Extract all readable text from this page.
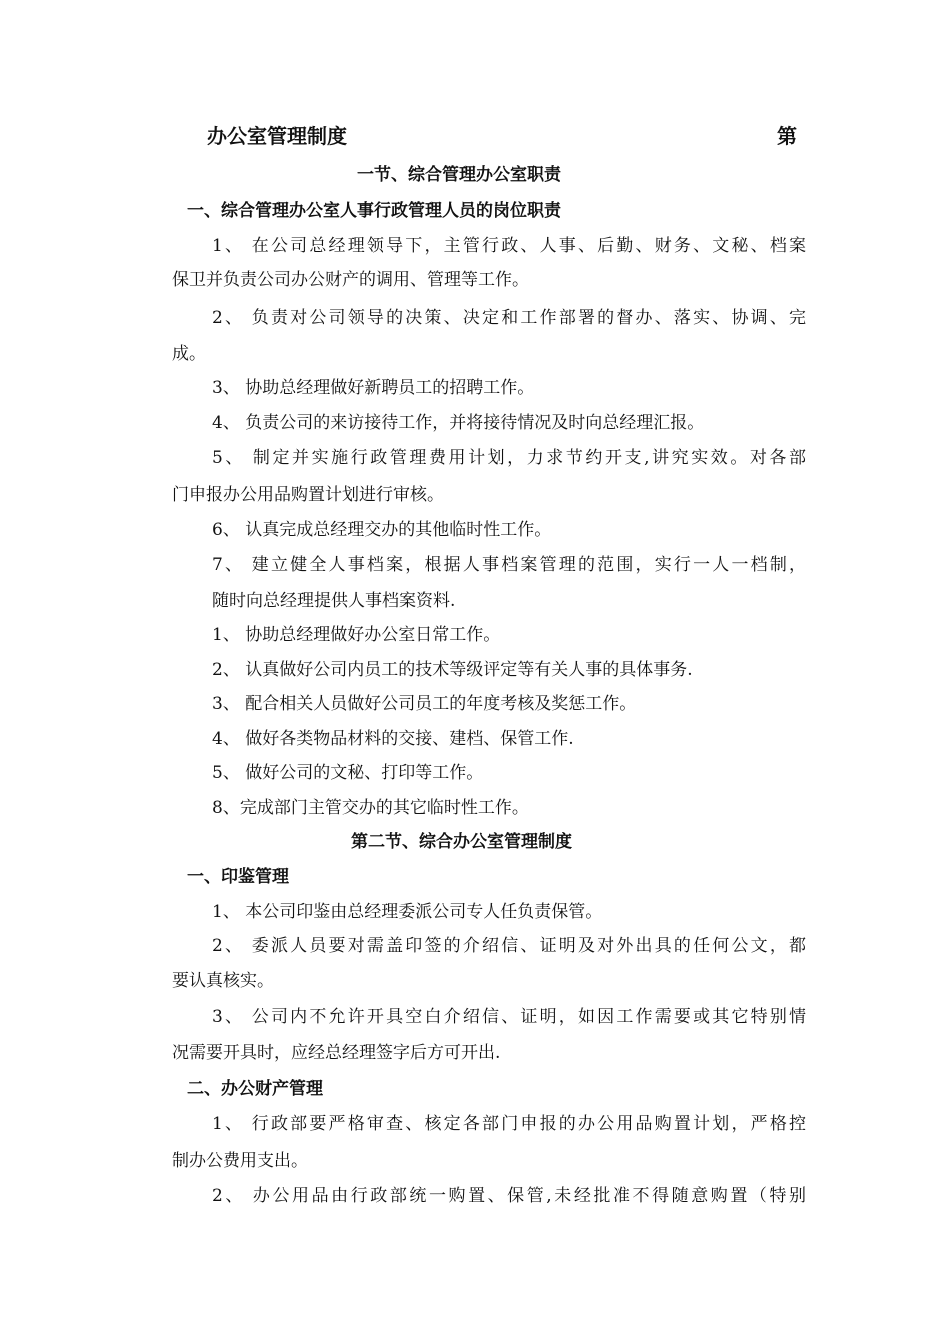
办公室管理制度	第
一节、综合管理办公室职责
一、综合管理办公室人事行政管理人员的岗位职责
1、 在公司总经理领导下，主管行政、人事、后勤、财务、文秘、档案
保卫并负责公司办公财产的调用、管理等工作。
2、 负责对公司领导的决策、决定和工作部署的督办、落实、协调、完
成。
3、 协助总经理做好新聘员工的招聘工作。
4、 负责公司的来访接待工作，并将接待情况及时向总经理汇报。
5、 制定并实施行政管理费用计划，力求节约开支,讲究实效。对各部
门申报办公用品购置计划进行审核。
6、 认真完成总经理交办的其他临时性工作。
7、 建立健全人事档案，根据人事档案管理的范围，实行一人一档制，
随时向总经理提供人事档案资料.
1、 协助总经理做好办公室日常工作。
2、 认真做好公司内员工的技术等级评定等有关人事的具体事务.
3、 配合相关人员做好公司员工的年度考核及奖惩工作。
4、 做好各类物品材料的交接、建档、保管工作.
5、 做好公司的文秘、打印等工作。
8、完成部门主管交办的其它临时性工作。
第二节、综合办公室管理制度
一、印鉴管理
1、 本公司印鉴由总经理委派公司专人任负责保管。
2、 委派人员要对需盖印签的介绍信、证明及对外出具的任何公文，都
要认真核实。
3、 公司内不允许开具空白介绍信、证明，如因工作需要或其它特别情
况需要开具时，应经总经理签字后方可开出.
二、办公财产管理
1、 行政部要严格审查、核定各部门申报的办公用品购置计划，严格控
制办公费用支出。
2、 办公用品由行政部统一购置、保管,未经批准不得随意购置（特别
